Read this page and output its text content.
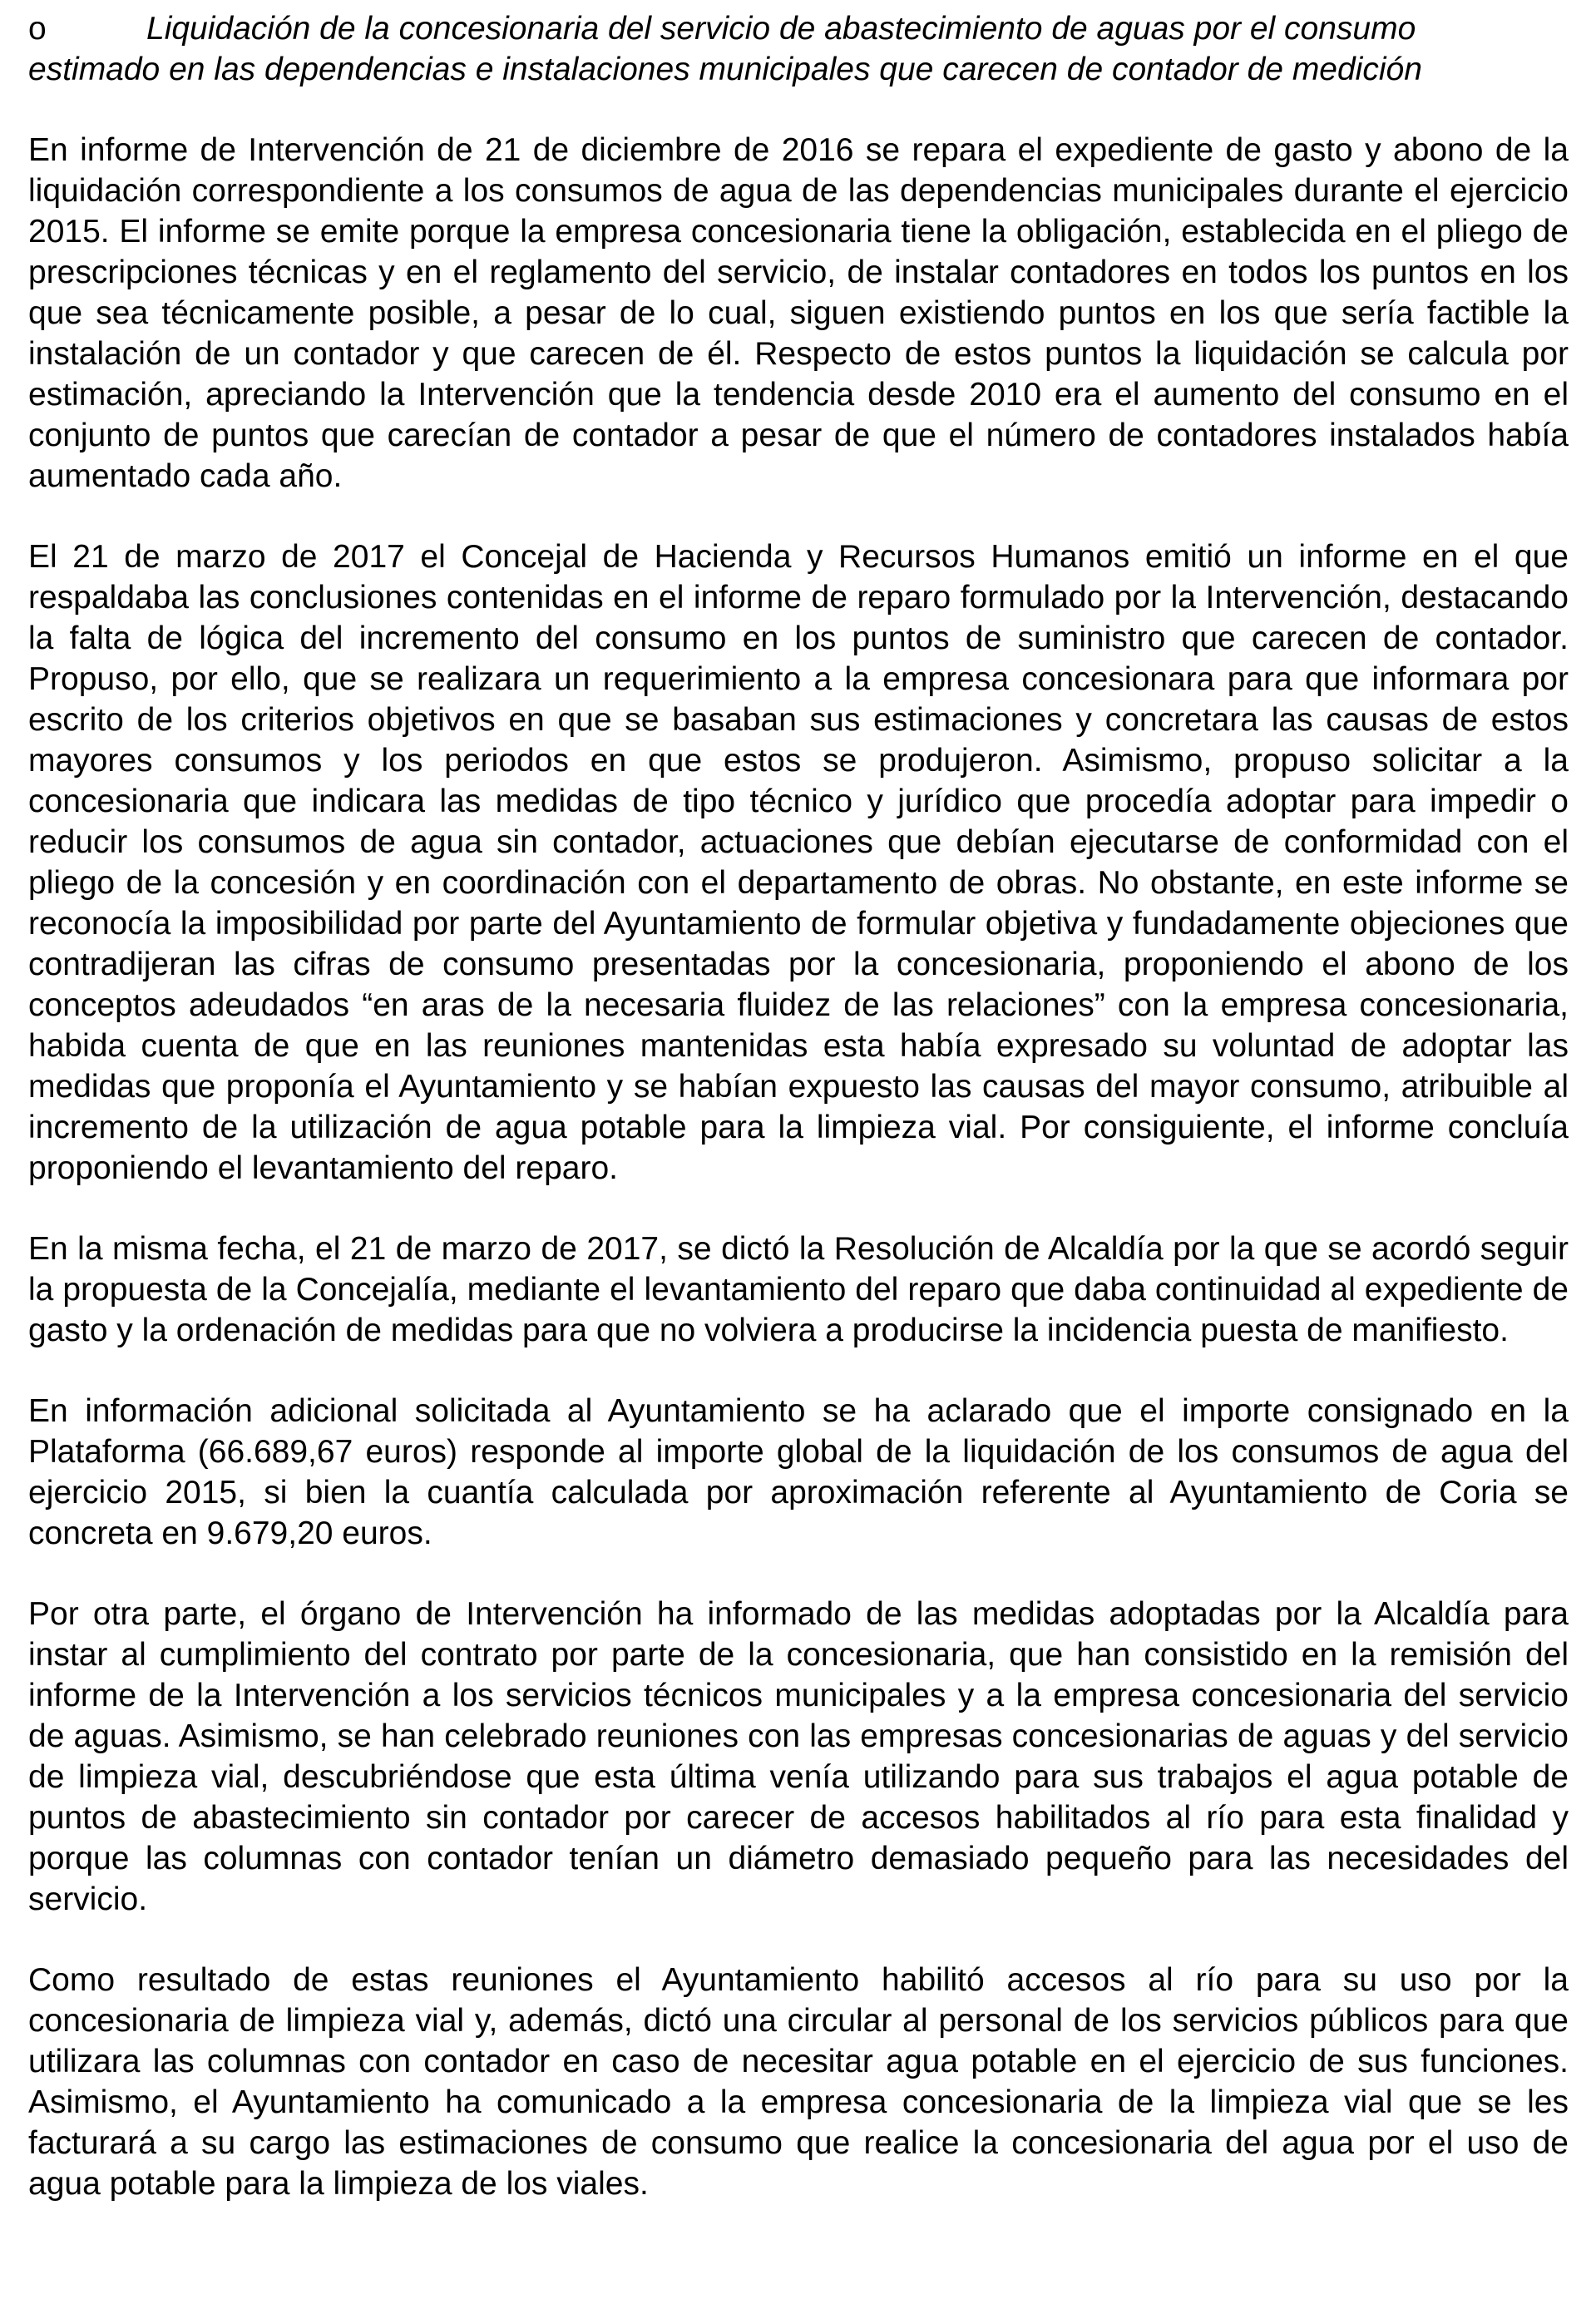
o	Liquidación de la concesionaria del servicio de abastecimiento de aguas por el consumo
estimado en las dependencias e instalaciones municipales que carecen de contador de medición

En informe de Intervención de 21 de diciembre de 2016 se repara el expediente de gasto y abono de la liquidación correspondiente a los consumos de agua de las dependencias municipales durante el ejercicio 2015. El informe se emite porque la empresa concesionaria tiene la obligación, establecida en el pliego de prescripciones técnicas y en el reglamento del servicio, de instalar contadores en todos los puntos en los que sea técnicamente posible, a pesar de lo cual, siguen existiendo puntos en los que sería factible la instalación de un contador y que carecen de él. Respecto de estos puntos la liquidación se calcula por estimación, apreciando la Intervención que la tendencia desde 2010 era el aumento del consumo en el conjunto de puntos que carecían de contador a pesar de que el número de contadores instalados había aumentado cada año.

El 21 de marzo de 2017 el Concejal de Hacienda y Recursos Humanos emitió un informe en el que respaldaba las conclusiones contenidas en el informe de reparo formulado por la Intervención, destacando la falta de lógica del incremento del consumo en los puntos de suministro que carecen de contador. Propuso, por ello, que se realizara un requerimiento a la empresa concesionara para que informara por escrito de los criterios objetivos en que se basaban sus estimaciones y concretara las causas de estos mayores consumos y los periodos en que estos se produjeron. Asimismo, propuso solicitar a la concesionaria que indicara las medidas de tipo técnico y jurídico que procedía adoptar para impedir o reducir los consumos de agua sin contador, actuaciones que debían ejecutarse de conformidad con el pliego de la concesión y en coordinación con el departamento de obras. No obstante, en este informe se reconocía la imposibilidad por parte del Ayuntamiento de formular objetiva y fundadamente objeciones que contradijeran las cifras de consumo presentadas por la concesionaria, proponiendo el abono de los conceptos adeudados “en aras de la necesaria fluidez de las relaciones” con la empresa concesionaria, habida cuenta de que en las reuniones mantenidas esta había expresado su voluntad de adoptar las medidas que proponía el Ayuntamiento y se habían expuesto las causas del mayor consumo, atribuible al incremento de la utilización de agua potable para la limpieza vial. Por consiguiente, el informe concluía proponiendo el levantamiento del reparo.

En la misma fecha, el 21 de marzo de 2017, se dictó la Resolución de Alcaldía por la que se acordó seguir la propuesta de la Concejalía, mediante el levantamiento del reparo que daba continuidad al expediente de gasto y la ordenación de medidas para que no volviera a producirse la incidencia puesta de manifiesto.

En información adicional solicitada al Ayuntamiento se ha aclarado que el importe consignado en la Plataforma (66.689,67 euros) responde al importe global de la liquidación de los consumos de agua del ejercicio 2015, si bien la cuantía calculada por aproximación referente al Ayuntamiento de Coria se concreta en 9.679,20 euros.

Por otra parte, el órgano de Intervención ha informado de las medidas adoptadas por la Alcaldía para instar al cumplimiento del contrato por parte de la concesionaria, que han consistido en la remisión del informe de la Intervención a los servicios técnicos municipales y a la empresa concesionaria del servicio de aguas. Asimismo, se han celebrado reuniones con las empresas concesionarias de aguas y del servicio de limpieza vial, descubriéndose que esta última venía utilizando para sus trabajos el agua potable de puntos de abastecimiento sin contador por carecer de accesos habilitados al río para esta finalidad y porque las columnas con contador tenían un diámetro demasiado pequeño para las necesidades del servicio.

Como resultado de estas reuniones el Ayuntamiento habilitó accesos al río para su uso por la concesionaria de limpieza vial y, además, dictó una circular al personal de los servicios públicos para que utilizara las columnas con contador en caso de necesitar agua potable en el ejercicio de sus funciones. Asimismo, el Ayuntamiento ha comunicado a la empresa concesionaria de la limpieza vial que se les facturará a su cargo las estimaciones de consumo que realice la concesionaria del agua por el uso de agua potable para la limpieza de los viales.
